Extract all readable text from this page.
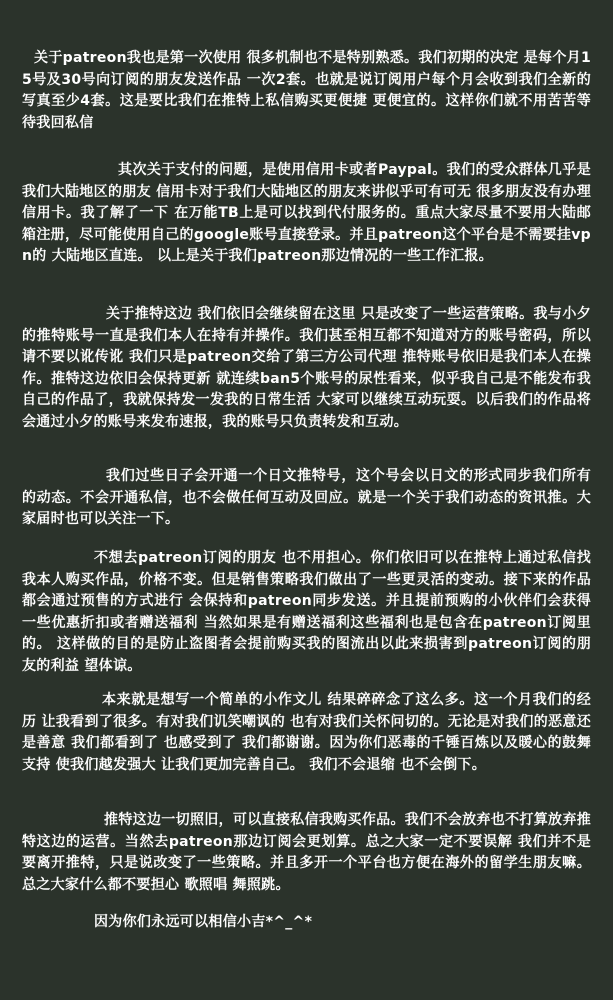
关于patreon我也是第一次使用 很多机制也不是特别熟悉。我们初期的决定 是每个月15号及30号向订阅的朋友发送作品 一次2套。也就是说订阅用户每个月会收到我们全新的写真至少4套。这是要比我们在推特上私信购买更便捷 更便宜的。这样你们就不用苦苦等待我回私信

其次关于支付的问题，是使用信用卡或者Paypal。我们的受众群体几乎是我们大陆地区的朋友 信用卡对于我们大陆地区的朋友来讲似乎可有可无 很多朋友没有办理信用卡。我了解了一下 在万能TB上是可以找到代付服务的。重点大家尽量不要用大陆邮箱注册，尽可能使用自己的google账号直接登录。并且patreon这个平台是不需要挂vpn的 大陆地区直连。 以上是关于我们patreon那边情况的一些工作汇报。

关于推特这边 我们依旧会继续留在这里 只是改变了一些运营策略。我与小夕的推特账号一直是我们本人在持有并操作。我们甚至相互都不知道对方的账号密码，所以请不要以讹传讹 我们只是patreon交给了第三方公司代理 推特账号依旧是我们本人在操作。推特这边依旧会保持更新 就连续ban5个账号的尿性看来，似乎我自己是不能发布我自己的作品了，我就保持发一发我的日常生活 大家可以继续互动玩耍。以后我们的作品将会通过小夕的账号来发布速报，我的账号只负责转发和互动。

我们过些日子会开通一个日文推特号，这个号会以日文的形式同步我们所有的动态。不会开通私信，也不会做任何互动及回应。就是一个关于我们动态的资讯推。大家届时也可以关注一下。

不想去patreon订阅的朋友 也不用担心。你们依旧可以在推特上通过私信找我本人购买作品，价格不变。但是销售策略我们做出了一些更灵活的变动。接下来的作品都会通过预售的方式进行 会保持和patreon同步发送。并且提前预购的小伙伴们会获得一些优惠折扣或者赠送福利 当然如果是有赠送福利这些福利也是包含在patreon订阅里的。 这样做的目的是防止盗图者会提前购买我的图流出以此来损害到patreon订阅的朋友的利益 望体谅。

本来就是想写一个简单的小作文儿 结果碎碎念了这么多。这一个月我们的经历 让我看到了很多。有对我们讥笑嘲讽的 也有对我们关怀问切的。无论是对我们的恶意还是善意 我们都看到了 也感受到了 我们都谢谢。因为你们恶毒的千锤百炼以及暖心的鼓舞支持 使我们越发强大 让我们更加完善自己。 我们不会退缩 也不会倒下。

推特这边一切照旧，可以直接私信我购买作品。我们不会放弃也不打算放弃推特这边的运营。当然去patreon那边订阅会更划算。总之大家一定不要误解 我们并不是要离开推特，只是说改变了一些策略。并且多开一个平台也方便在海外的留学生朋友嘛。总之大家什么都不要担心 歌照唱 舞照跳。

因为你们永远可以相信小吉*^_^*
